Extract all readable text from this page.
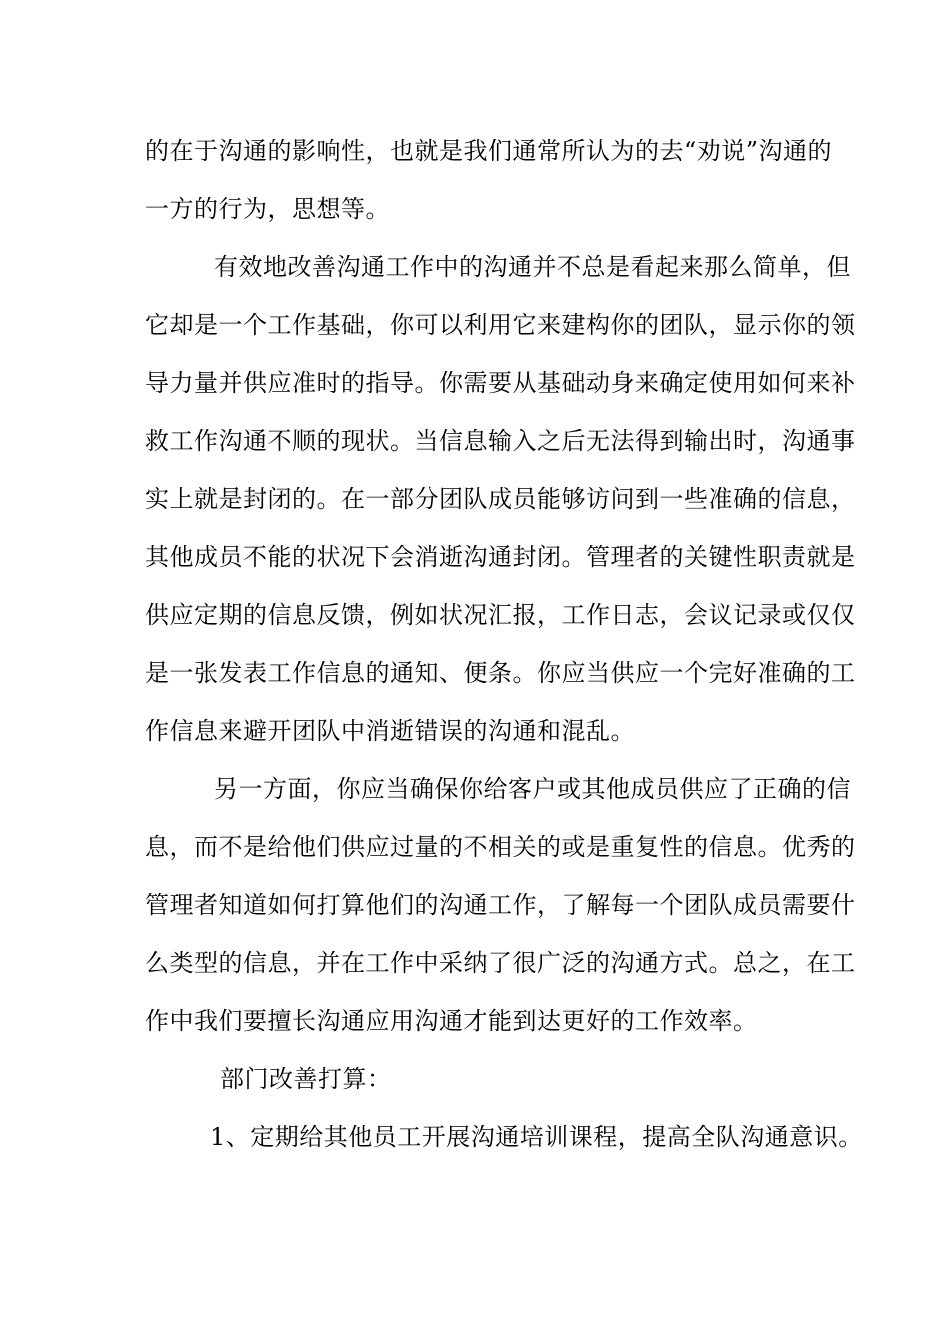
的在于沟通的影响性，也就是我们通常所认为的去“劝说”沟通的
一方的行为，思想等。
有效地改善沟通工作中的沟通并不总是看起来那么简单，但
它却是一个工作基础，你可以利用它来建构你的团队，显示你的领
导力量并供应准时的指导。你需要从基础动身来确定使用如何来补
救工作沟通不顺的现状。当信息输入之后无法得到输出时，沟通事
实上就是封闭的。在一部分团队成员能够访问到一些准确的信息，
其他成员不能的状况下会消逝沟通封闭。管理者的关键性职责就是
供应定期的信息反馈，例如状况汇报，工作日志，会议记录或仅仅
是一张发表工作信息的通知、便条。你应当供应一个完好准确的工
作信息来避开团队中消逝错误的沟通和混乱。
另一方面，你应当确保你给客户或其他成员供应了正确的信
息，而不是给他们供应过量的不相关的或是重复性的信息。优秀的
管理者知道如何打算他们的沟通工作，了解每一个团队成员需要什
么类型的信息，并在工作中采纳了很广泛的沟通方式。总之，在工
作中我们要擅长沟通应用沟通才能到达更好的工作效率。
部门改善打算：
1、定期给其他员工开展沟通培训课程，提高全队沟通意识。
